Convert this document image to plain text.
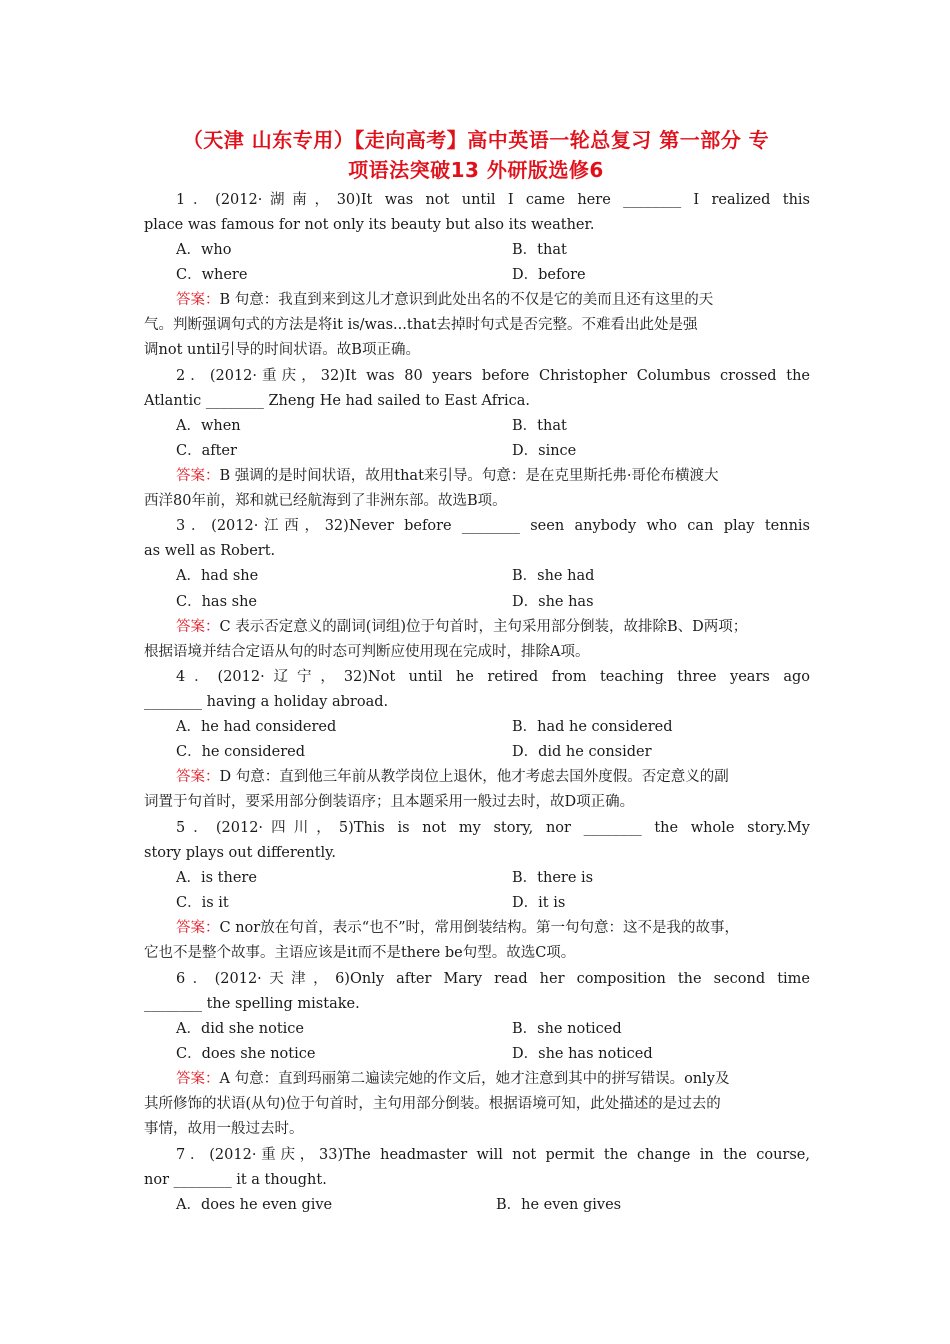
（天津 山东专用）【走向高考】高中英语一轮总复习 第一部分 专
项语法突破13 外研版选修6
1．(2012·湖南，30)It was not until I came here ________ I realized this
place was famous for not only its beauty but also its weather.
A．who	B．that
C．where	D．before
答案：B 句意：我直到来到这儿才意识到此处出名的不仅是它的美而且还有这里的天
气。判断强调句式的方法是将it is/was...that去掉时句式是否完整。不难看出此处是强
调not until引导的时间状语。故B项正确。
2．(2012·重庆，32)It was 80 years before Christopher Columbus crossed the
Atlantic ________ Zheng He had sailed to East Africa.
A．when	B．that
C．after	D．since
答案：B 强调的是时间状语，故用that来引导。句意：是在克里斯托弗·哥伦布横渡大
西洋80年前，郑和就已经航海到了非洲东部。故选B项。
3．(2012·江西，32)Never before ________ seen anybody who can play tennis
as well as Robert.
A．had she	B．she had
C．has she	D．she has
答案：C 表示否定意义的副词(词组)位于句首时，主句采用部分倒装，故排除B、D两项；
根据语境并结合定语从句的时态可判断应使用现在完成时，排除A项。
4．(2012·辽宁，32)Not until he retired from teaching three years ago
________ having a holiday abroad.
A．he had considered	B．had he considered
C．he considered	D．did he consider
答案：D 句意：直到他三年前从教学岗位上退休，他才考虑去国外度假。否定意义的副
词置于句首时，要采用部分倒装语序；且本题采用一般过去时，故D项正确。
5．(2012·四川，5)This is not my story, nor ________ the whole story.My
story plays out differently.
A．is there	B．there is
C．is it	D．it is
答案：C nor放在句首，表示“也不”时，常用倒装结构。第一句句意：这不是我的故事，
它也不是整个故事。主语应该是it而不是there be句型。故选C项。
6．(2012·天津，6)Only after Mary read her composition the second time
________ the spelling mistake.
A．did she notice	B．she noticed
C．does she notice	D．she has noticed
答案：A 句意：直到玛丽第二遍读完她的作文后，她才注意到其中的拼写错误。only及
其所修饰的状语(从句)位于句首时，主句用部分倒装。根据语境可知，此处描述的是过去的
事情，故用一般过去时。
7．(2012·重庆，33)The headmaster will not permit the change in the course,
nor ________ it a thought.
A．does he even give	B．he even gives
